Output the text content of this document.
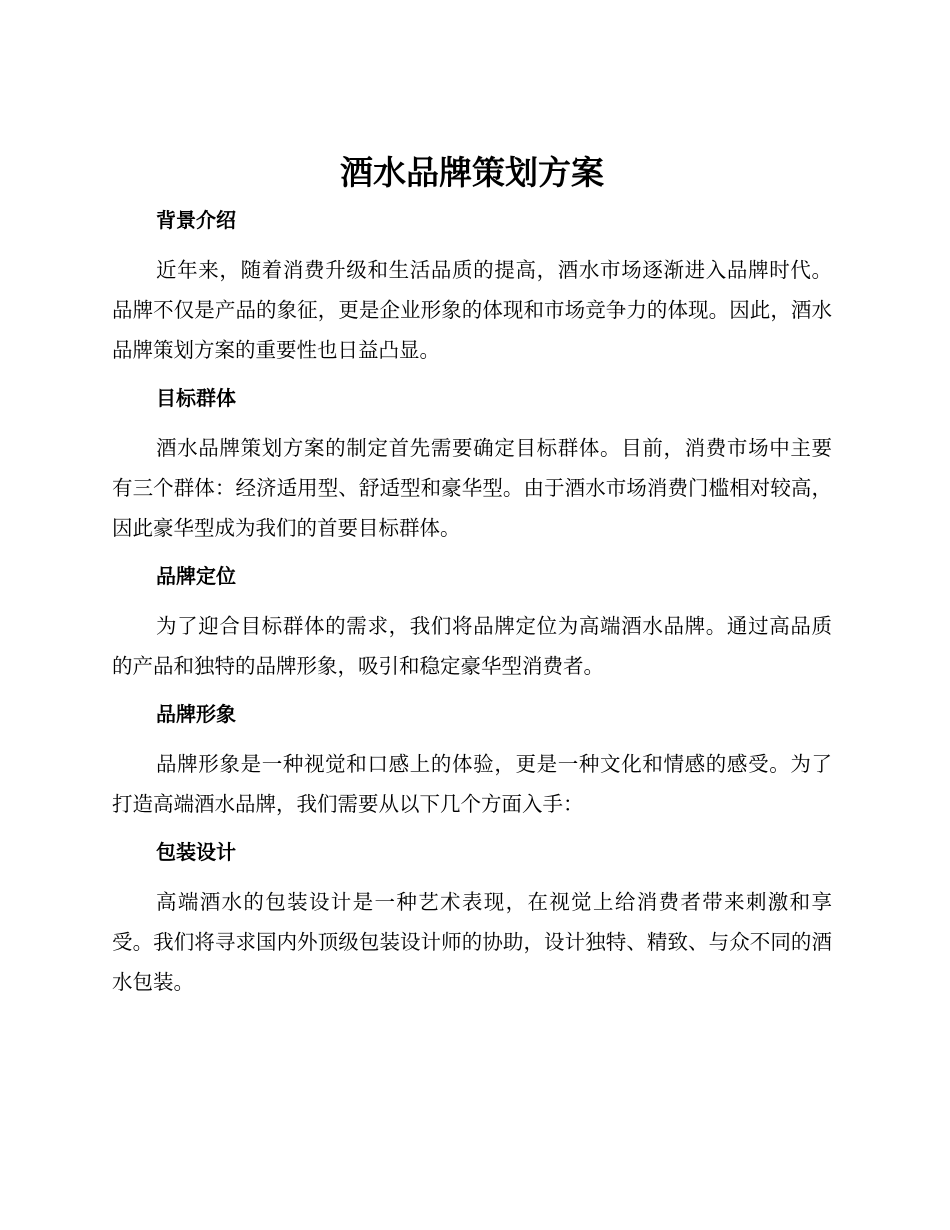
酒水品牌策划方案
背景介绍

近年来，随着消费升级和生活品质的提高，酒水市场逐渐进入品牌时代。品牌不仅是产品的象征，更是企业形象的体现和市场竞争力的体现。因此，酒水品牌策划方案的重要性也日益凸显。

目标群体

酒水品牌策划方案的制定首先需要确定目标群体。目前，消费市场中主要有三个群体：经济适用型、舒适型和豪华型。由于酒水市场消费门槛相对较高，因此豪华型成为我们的首要目标群体。

品牌定位

为了迎合目标群体的需求，我们将品牌定位为高端酒水品牌。通过高品质的产品和独特的品牌形象，吸引和稳定豪华型消费者。

品牌形象

品牌形象是一种视觉和口感上的体验，更是一种文化和情感的感受。为了打造高端酒水品牌，我们需要从以下几个方面入手：

包装设计

高端酒水的包装设计是一种艺术表现，在视觉上给消费者带来刺激和享受。我们将寻求国内外顶级包装设计师的协助，设计独特、精致、与众不同的酒水包装。
